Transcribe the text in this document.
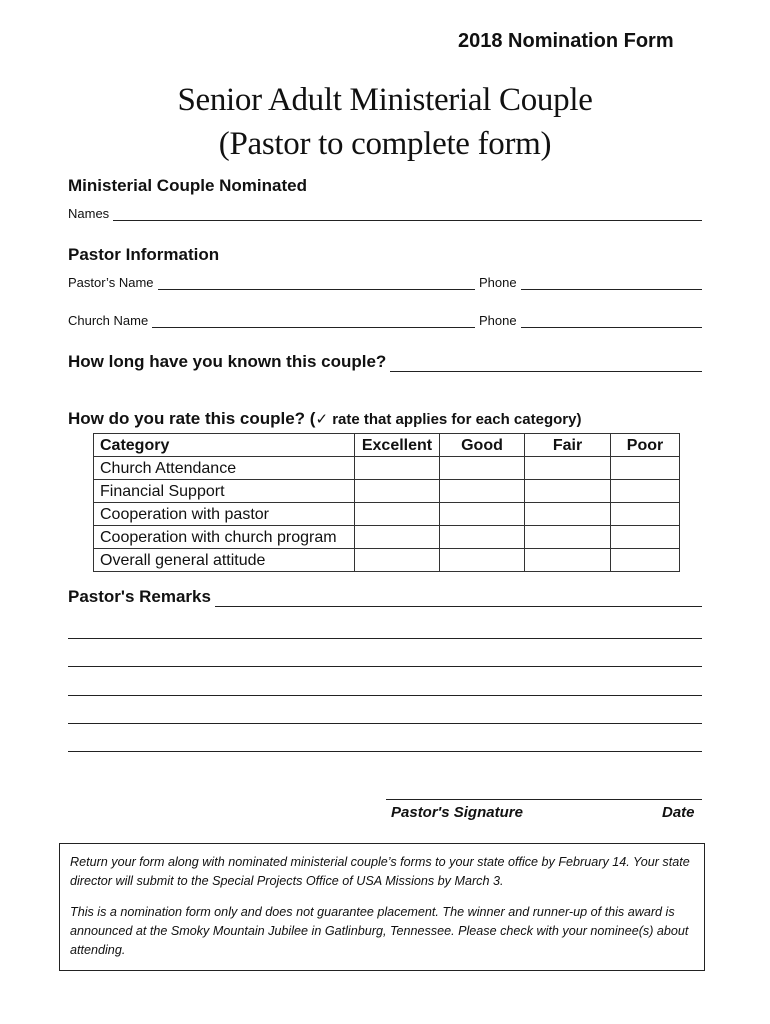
2018 Nomination Form
Senior Adult Ministerial Couple
(Pastor to complete form)
Ministerial Couple Nominated
Names
Pastor Information
Pastor’s Name	Phone
Church Name	Phone
How long have you known this couple?
How do you rate this couple? (✓ rate that applies for each category)
Category	Excellent	Good	Fair	Poor
Church Attendance				
Financial Support				
Cooperation with pastor				
Cooperation with church program				
Overall general attitude				
Pastor's Remarks
Pastor's Signature	Date

Return your form along with nominated ministerial couple’s forms to your state office by February 14. Your state director will submit to the Special Projects Office of USA Missions by March 3.

This is a nomination form only and does not guarantee placement. The winner and runner-up of this award is announced at the Smoky Mountain Jubilee in Gatlinburg, Tennessee. Please check with your nominee(s) about attending.
